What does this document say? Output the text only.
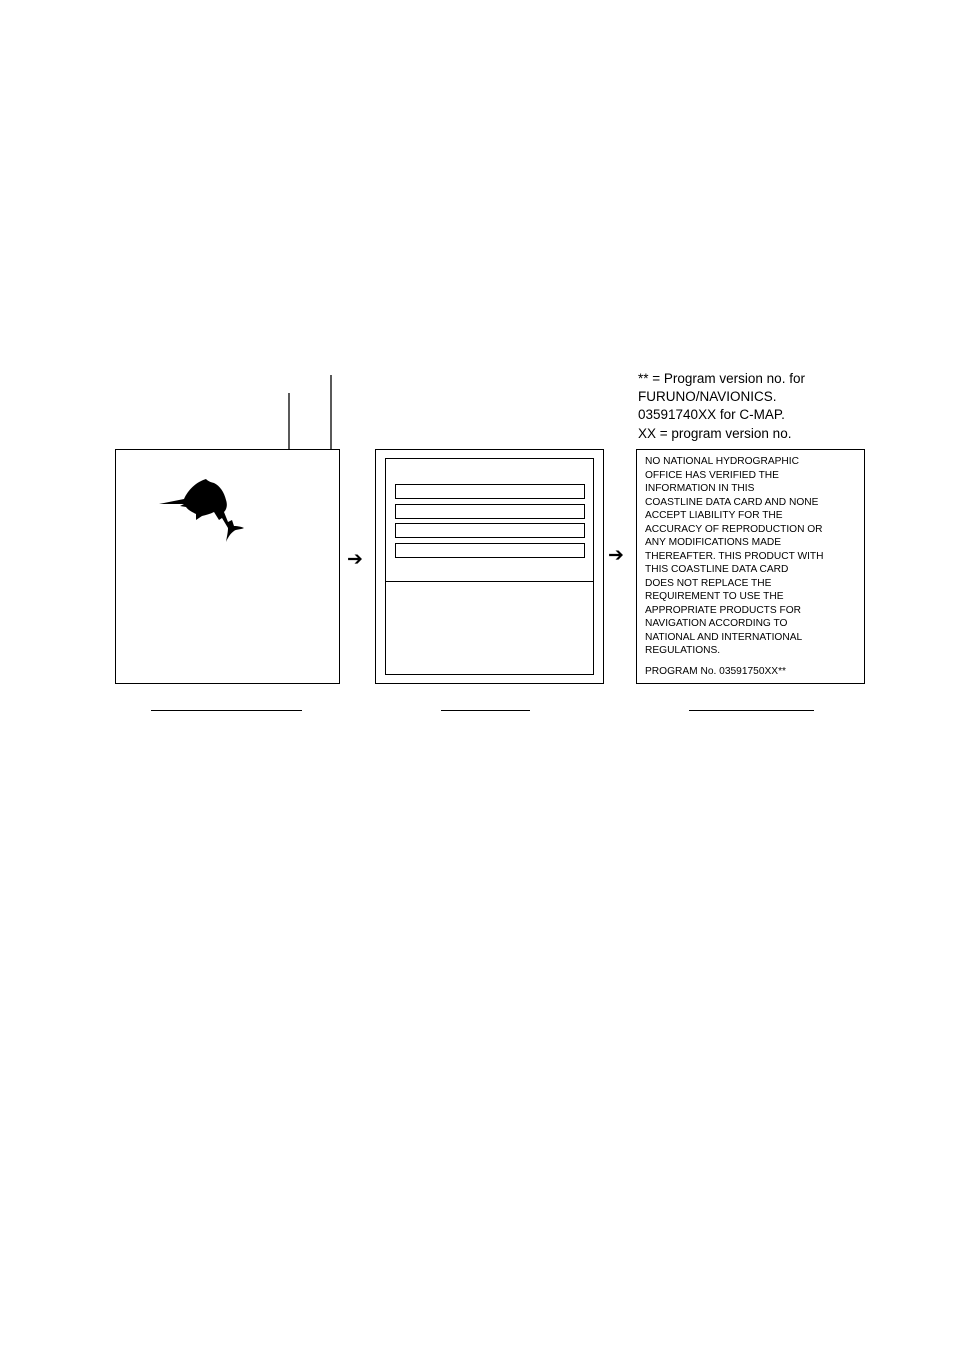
** = Program version no. for
FURUNO/NAVIONICS.
03591740XX for C-MAP.
XX = program version no.
➔	➔
NO NATIONAL HYDROGRAPHIC
OFFICE HAS VERIFIED THE
INFORMATION IN THIS
COASTLINE DATA CARD AND NONE
ACCEPT LIABILITY FOR THE
ACCURACY OF REPRODUCTION OR
ANY MODIFICATIONS MADE
THEREAFTER. THIS PRODUCT WITH
THIS COASTLINE DATA CARD
DOES NOT REPLACE THE
REQUIREMENT TO USE THE
APPROPRIATE PRODUCTS FOR
NAVIGATION ACCORDING TO
NATIONAL AND INTERNATIONAL
REGULATIONS.
PROGRAM No. 03591750XX**
